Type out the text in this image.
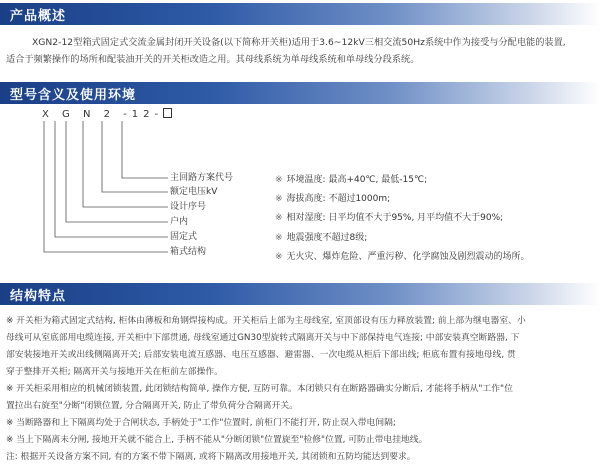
产品概述
XGN2-12型箱式固定式交流金属封闭开关设备(以下简称开关柜)适用于3.6~12kV三相交流50Hz系统中作为接受与分配电能的装置,
适合于频繁操作的场所和配装油开关的开关柜改造之用。其母线系统为单母线系统和单母线分段系统。
型号含义及使用环境
X G N 2 -12-
主回路方案代号
额定电压kV
设计序号
户内
固定式
箱式结构
※ 环境温度: 最高+40℃, 最低-15℃;
※ 海拔高度: 不超过1000m;
※ 相对湿度: 日平均值不大于95%, 月平均值不大于90%;
※ 地震强度不超过8级;
※ 无火灾、爆炸危险、严重污秽、化学腐蚀及剧烈震动的场所。
结构特点
※ 开关柜为箱式固定式结构, 柜体由薄板和角钢焊接构成。开关柜后上部为主母线室, 室顶部设有压力释放装置; 前上部为继电器室、小
母线可从室底部用电缆连接, 开关柜中下部贯通, 母线室通过GN30型旋转式隔离开关与中下部保持电气连接; 中部安装真空断路器, 下
部安装接地开关或出线侧隔离开关; 后部安装电流互感器、电压互感器、避雷器、一次电缆从柜后下部出线; 柜底布置有接地母线, 贯
穿于整排开关柜; 隔离开关与接地开关在柜前左部操作。
※ 开关柜采用相应的机械闭锁装置, 此闭锁结构简单, 操作方便, 互防可靠。本闭锁只有在断路器确实分断后, 才能将手柄从"工作"位
置拉出右旋至"分断"闭锁位置, 分合隔离开关, 防止了带负荷分合隔离开关。
※ 当断路器和上下隔离均处于合闸状态, 手柄处于"工作"位置时, 前柜门不能打开, 防止误入带电间隔;
※ 当上下隔离未分闸, 接地开关就不能合上, 手柄不能从"分断闭锁"位置旋至"检修"位置, 可防止带电挂地线。
注: 根据开关设备方案不同, 有的方案不带下隔离, 或将下隔离改用接地开关, 其闭锁和五防均能达到要求。
